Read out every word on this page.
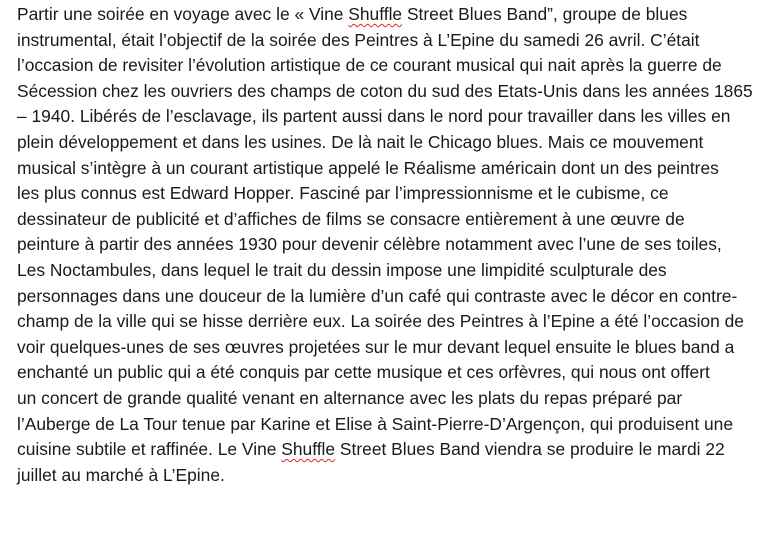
Partir une soirée en voyage avec le « Vine Shuffle Street Blues Band”, groupe de blues
instrumental, était l’objectif de la soirée des Peintres à L’Epine du samedi 26 avril. C’était
l’occasion de revisiter l’évolution artistique de ce courant musical qui nait après la guerre de
Sécession chez les ouvriers des champs de coton du sud des Etats-Unis dans les années 1865
– 1940. Libérés de l’esclavage, ils partent aussi dans le nord pour travailler dans les villes en
plein développement et dans les usines. De là nait le Chicago blues. Mais ce mouvement
musical s’intègre à un courant artistique appelé le Réalisme américain dont un des peintres
les plus connus est Edward Hopper. Fasciné par l’impressionnisme et le cubisme, ce
dessinateur de publicité et d’affiches de films se consacre entièrement à une œuvre de
peinture à partir des années 1930 pour devenir célèbre notamment avec l’une de ses toiles,
Les Noctambules, dans lequel le trait du dessin impose une limpidité sculpturale des
personnages dans une douceur de la lumière d’un café qui contraste avec le décor en contre-
champ de la ville qui se hisse derrière eux. La soirée des Peintres à l’Epine a été l’occasion de
voir quelques-unes de ses œuvres projetées sur le mur devant lequel ensuite le blues band a
enchanté un public qui a été conquis par cette musique et ces orfèvres, qui nous ont offert
un concert de grande qualité venant en alternance avec les plats du repas préparé par
l’Auberge de La Tour tenue par Karine et Elise à Saint-Pierre-D’Argençon, qui produisent une
cuisine subtile et raffinée. Le Vine Shuffle Street Blues Band viendra se produire le mardi 22
juillet au marché à L’Epine.
